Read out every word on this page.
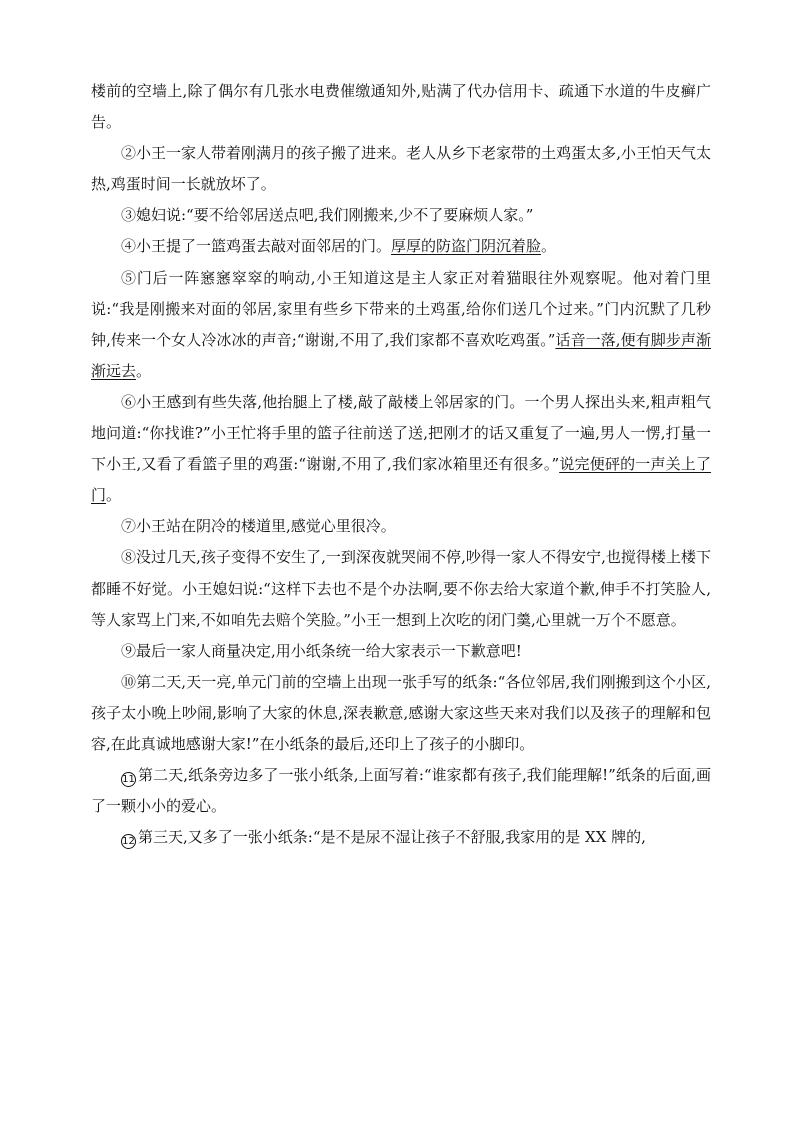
楼前的空墙上,除了偶尔有几张水电费催缴通知外,贴满了代办信用卡、疏通下水道的牛皮癣广告。

②小王一家人带着刚满月的孩子搬了进来。老人从乡下老家带的土鸡蛋太多,小王怕天气太热,鸡蛋时间一长就放坏了。

③媳妇说:“要不给邻居送点吧,我们刚搬来,少不了要麻烦人家。”

④小王提了一篮鸡蛋去敲对面邻居的门。厚厚的防盗门阴沉着脸。

⑤门后一阵窸窸窣窣的响动,小王知道这是主人家正对着猫眼往外观察呢。他对着门里说:“我是刚搬来对面的邻居,家里有些乡下带来的土鸡蛋,给你们送几个过来。”门内沉默了几秒钟,传来一个女人冷冰冰的声音;“谢谢,不用了,我们家都不喜欢吃鸡蛋。”话音一落,便有脚步声渐渐远去。

⑥小王感到有些失落,他抬腿上了楼,敲了敲楼上邻居家的门。一个男人探出头来,粗声粗气地问道:“你找谁?”小王忙将手里的篮子往前送了送,把刚才的话又重复了一遍,男人一愣,打量一下小王,又看了看篮子里的鸡蛋:“谢谢,不用了,我们家冰箱里还有很多。”说完便砰的一声关上了门。

⑦小王站在阴冷的楼道里,感觉心里很冷。

⑧没过几天,孩子变得不安生了,一到深夜就哭闹不停,吵得一家人不得安宁,也搅得楼上楼下都睡不好觉。小王媳妇说:“这样下去也不是个办法啊,要不你去给大家道个歉,伸手不打笑脸人,等人家骂上门来,不如咱先去赔个笑脸。”小王一想到上次吃的闭门羹,心里就一万个不愿意。

⑨最后一家人商量决定,用小纸条统一给大家表示一下歉意吧!

⑩第二天,天一亮,单元门前的空墙上出现一张手写的纸条:“各位邻居,我们刚搬到这个小区,孩子太小晚上吵闹,影响了大家的休息,深表歉意,感谢大家这些天来对我们以及孩子的理解和包容,在此真诚地感谢大家!”在小纸条的最后,还印上了孩子的小脚印。

11 第二天,纸条旁边多了一张小纸条,上面写着:“谁家都有孩子,我们能理解!”纸条的后面,画了一颗小小的爱心。

12 第三天,又多了一张小纸条:“是不是尿不湿让孩子不舒服,我家用的是 XX 牌的,
